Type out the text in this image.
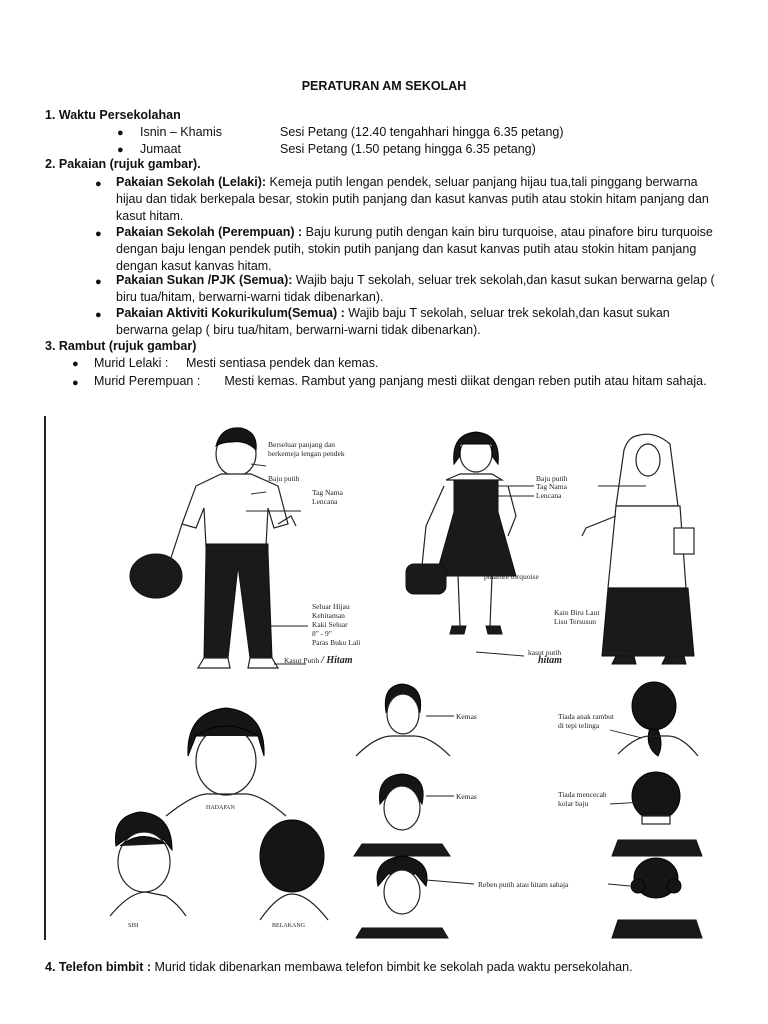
PERATURAN AM SEKOLAH
1. Waktu Persekolahan
● Isnin – Khamis	Sesi Petang (12.40 tengahhari hingga 6.35 petang)
● Jumaat	Sesi Petang (1.50 petang hingga 6.35 petang)
2. Pakaian (rujuk gambar).
● Pakaian Sekolah (Lelaki): Kemeja putih lengan pendek, seluar panjang hijau tua,tali pinggang berwarna hijau dan tidak berkepala besar, stokin putih panjang dan kasut kanvas putih atau stokin hitam panjang dan kasut hitam.
● Pakaian Sekolah (Perempuan) : Baju kurung putih dengan kain biru turquoise, atau pinafore biru turquoise dengan baju lengan pendek putih, stokin putih panjang dan kasut kanvas putih atau stokin hitam panjang dengan kasut kanvas hitam.
● Pakaian Sukan /PJK (Semua): Wajib baju T sekolah, seluar trek sekolah,dan kasut sukan berwarna gelap ( biru tua/hitam, berwarni-warni tidak dibenarkan).
● Pakaian Aktiviti Kokurikulum(Semua) : Wajib baju T sekolah, seluar trek sekolah,dan kasut sukan berwarna gelap ( biru tua/hitam, berwarni-warni tidak dibenarkan).
3. Rambut (rujuk gambar)
● Murid Lelaki : Mesti sentiasa pendek dan kemas.
● Murid Perempuan : Mesti kemas. Rambut yang panjang mesti diikat dengan reben putih atau hitam sahaja.
Berseluar panjang dan
berkemeja lengan pendek
Baju putih
Tag Nama
Lencana
Seluar Hijau
Kehitaman
Kaki Seluar
8" - 9"
Paras Buku Lali
Kasut Putih / Hitam
Baju putih
Tag Nama
Lencana
pinafore torquoise
Kain Biru Laut
Lisu Tersusun
kasut putih
hitam
Kemas
Kemas
Reben putih atau hitam sahaja
Tiada anak rambut
di tepi telinga
Tiada mencecah
kolar baju
HADAPAN
SISI	BELAKANG
4. Telefon bimbit : Murid tidak dibenarkan membawa telefon bimbit ke sekolah pada waktu persekolahan.
